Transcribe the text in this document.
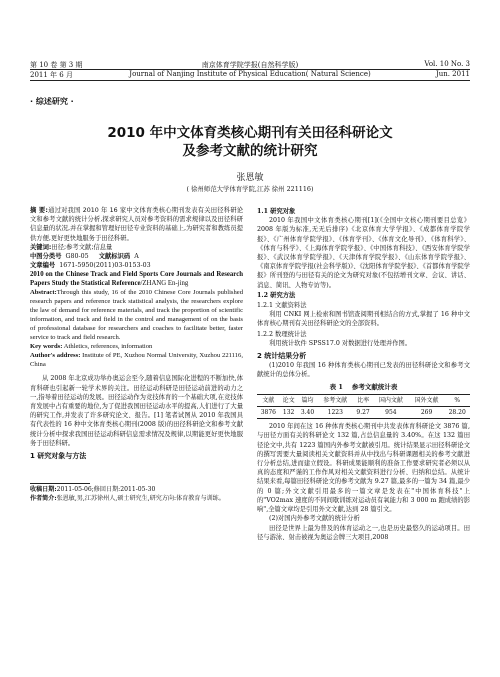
第 10 卷 第 3 期	南京体育学院学报(自然科学版)	Vol. 10 No. 3
2011 年 6 月	Journal of Nanjing Institute of Physical Education( Natural Science)	Jun. 2011
· 综述研究 ·
2010 年中文体育类核心期刊有关田径科研论文
及参考文献的统计研究
张恩敏
( 徐州师范大学体育学院,江苏 徐州 221116)

摘 要:通过对我国 2010 年 16 家中文体育类核心期刊发表有关田径科研论文和参考文献的统计分析,探求研究人员对参考资料的需求规律以及田径科研信息量的状况,并在掌握和管理好田径专业资料的基础上,为研究者和教练员提供方便,更好更快地服务于田径科研。

关键词:田径;参考文献;信息量

中图分类号 G80-05 文献标识码 A

文章编号 1671-5950(2011)03-0153-03

2010 on the Chinese Track and Field Sports Core Journals and Research Papers Study the Statistical Reference/ZHANG En-jing

Abstract:Through this study, 16 of the 2010 Chinese Core Journals published research papers and reference track statistical analysis, the researchers explore the law of demand for reference materials, and track the proportion of scientific information, and track and field in the control and management of on the basis of professional database for researchers and coaches to facilitate better, faster service to track and field research.

Key words: Athletics, references, information

Author's address: Institute of PE, Xuzhou Normal University, Xuzhou 221116, China

从 2008 年北京成功举办奥运会至今,随着信息国际化进程的不断加快,体育科研也引起新一轮学术界的关注。田径运动科研是田径运动前进的动力之一,指导着田径运动的发展。田径运动作为竞技体育的一个基础大项,在竞技体育发展中占有重要的地位,为了促进我国田径运动水平的提高,人们进行了大量的研究工作,并发表了许多研究论文、报告。[1] 笔者试图从 2010 年我国具有代表性的 16 种中文体育类核心期刊(2008 版)的田径科研论文和参考文献统计分析中探求我国田径运动科研信息需求情况及规律,以期能更好更快地服务于田径科研。

1 研究对象与方法

收稿日期:2011-05-06;修回日期:2011-05-30

作者简介:张恩敏,男,江苏徐州人,硕士研究生,研究方向:体育教育与训练。

1.1 研究对象

2010 年我国中文体育类核心期刊[1](《全国中文核心期刊要目总览》2008 年版为标准,无无后排序)《北京体育大学学报》、《成都体育学院学报》、《广州体育学院学报》、《体育学刊》、《体育文化导刊》、《体育科学》、《体育与科学》、《上海体育学院学报》、《中国体育科技》、《西安体育学院学报》、《武汉体育学院学报》、《天津体育学院学报》、《山东体育学院学报》、《南京体育学院学报(社会科学版)》、《沈阳体育学院学报》、《首都体育学院学报》所刊登的与田径有关的论文为研究对象(不包括增刊文章、会议、讲话、消息、简讯、人物专访等)。

1.2 研究方法
1.2.1 文献资料法

利用 CNKI 网上检索和图书馆查阅期刊相结合的方式,掌握了 16 种中文体育核心期刊有关田径科研论文的全部资料。

1.2.2 数理统计法

利用统计软件 SPSS17.0 对数据进行处理并作图。

2 统计结果分析

(1)2010 年我国 16 种体育类核心期刊已发表的田径科研论文和参考文献统计的总体分析。

表 1 参考文献统计表
文献	论文	篇均	参考文献	比率	国内文献	国外文献	%
3876	132	3.40	1223	9.27	954	269	28.20

2010 年间在这 16 种体育类核心期刊中共发表体育科研论文 3876 篇,与田径方面有关的科研论文 132 篇,占总信息量的 3.40%。在这 132 篇田径论文中,共有 1223 篇国内外参考文献被引用。统计结果显示田径科研论文的撰写需要大量阅读相关文献资料并从中找出与科研课题相关的参考文献进行分析总结,进而建立假设。科研成果能顺利的准备工作要求研究者必须以从真的态度和严谨的工作作风对相关文献资料进行分析、归纳和总结。从统计结果来看,每篇田径科研论文的参考文献为 9.27 篇,最多的一篇为 34 篇,最少的 0 篇;外文文献引用最多的一篇文章是发表在"中国体育科技"上的"VO2max 速度的不同间歇训练对运动员有氧能力和 3 000 m 跑成绩的影响",全篇文章均是引用外文文献,达到 28 篇引文。

(2)对国内外参考文献的统计分析

田径是世界上最为普及的体育运动之一,也是历史最悠久的运动项目。田径与游泳、射击被视为奥运会牌三大项目,2008
